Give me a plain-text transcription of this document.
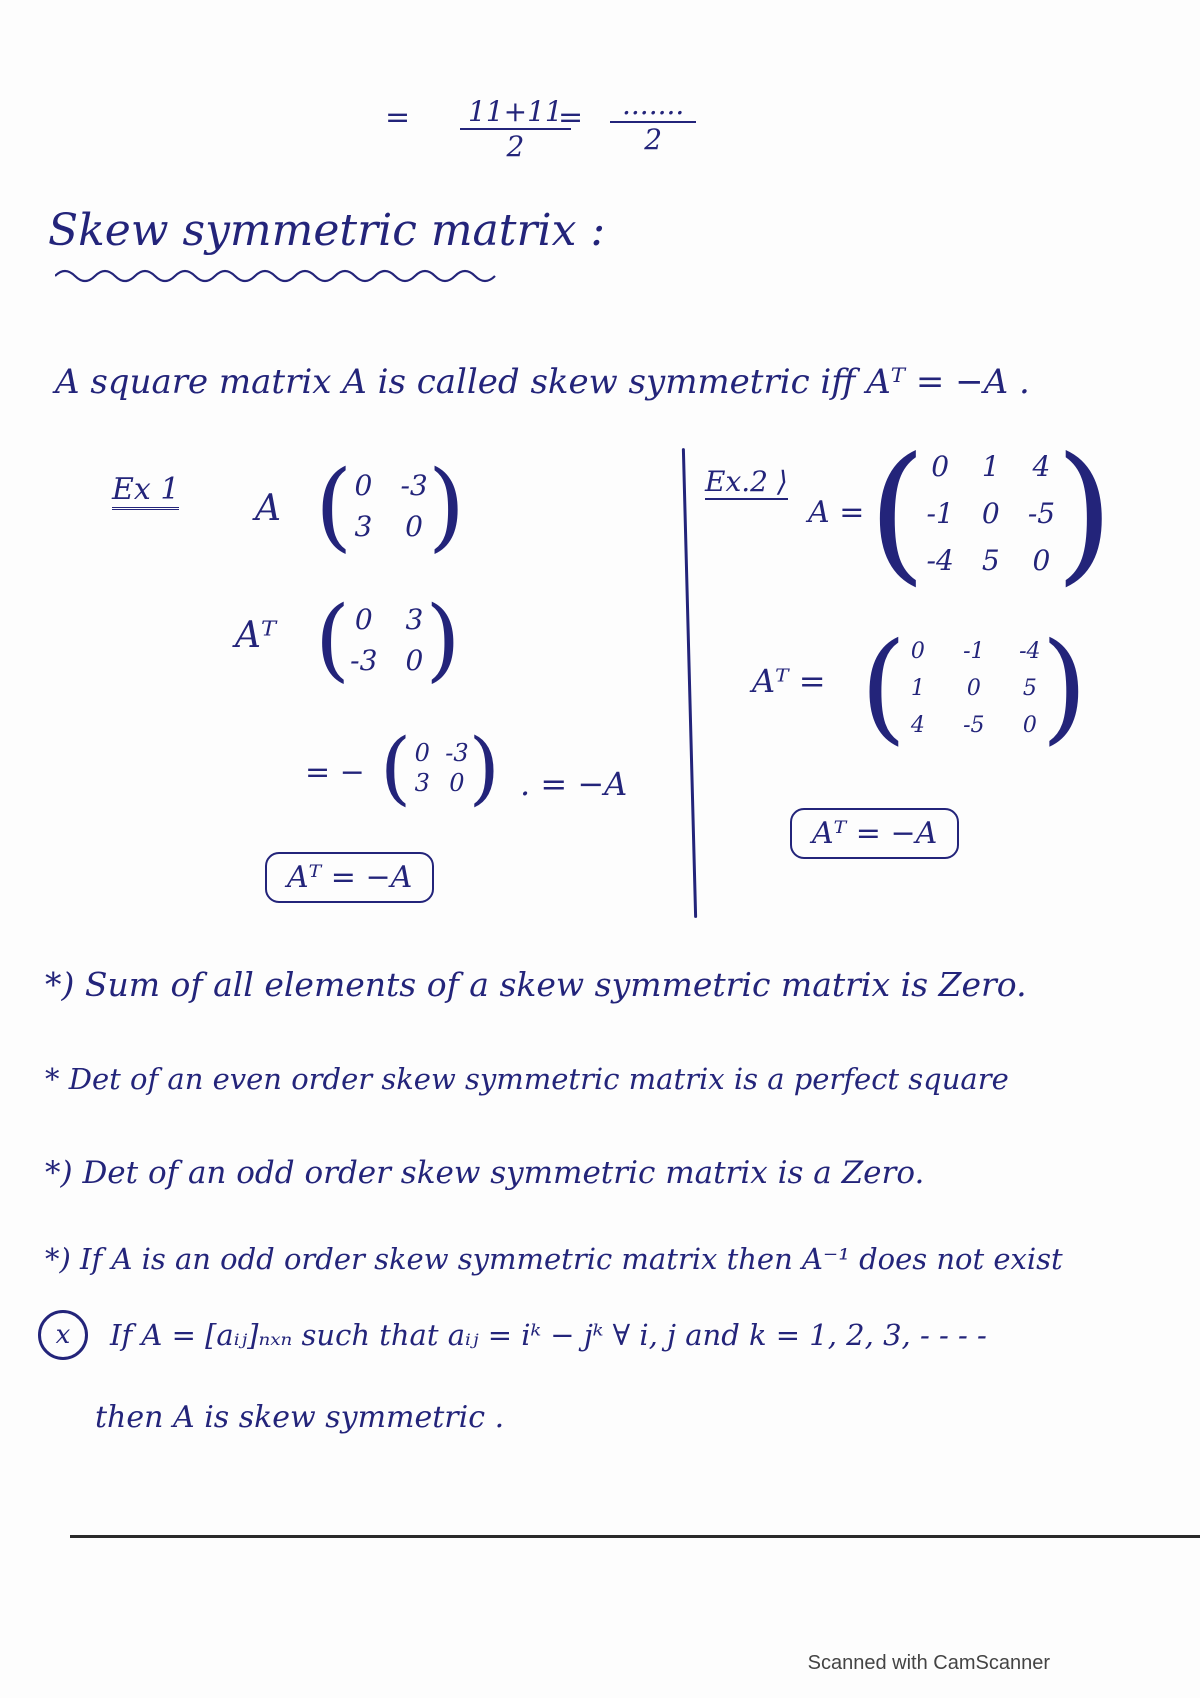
= $\frac{11+11}{2}$
=	.......
2
Skew symmetric matrix :
A square matrix A is called skew symmetric iff Aᵀ = −A .
Ex 1 A ( 0 -3
3 0 )
Aᵀ ( 0 3
-3 0 )
= − ( 0 -3
3 0 ) . = −A
Aᵀ = −A
Ex.2 ⟩
A = ( 0 1 4
-1 0 -5
-4 5 0 )
Aᵀ = ( 0 -1 -4
1 0 5
4 -5 0 )
Aᵀ = −A
*) Sum of all elements of a skew symmetric matrix is Zero.
* Det of an even order skew symmetric matrix is a perfect square
*) Det of an odd order skew symmetric matrix is a Zero.
*) If A is an odd order skew symmetric matrix then A⁻¹ does not exist
x	If A = [aᵢⱼ]ₙₓₙ such that aᵢⱼ = iᵏ − jᵏ ∀ i, j and k = 1, 2, 3, - - - -
then A is skew symmetric .
Scanned with CamScanner
